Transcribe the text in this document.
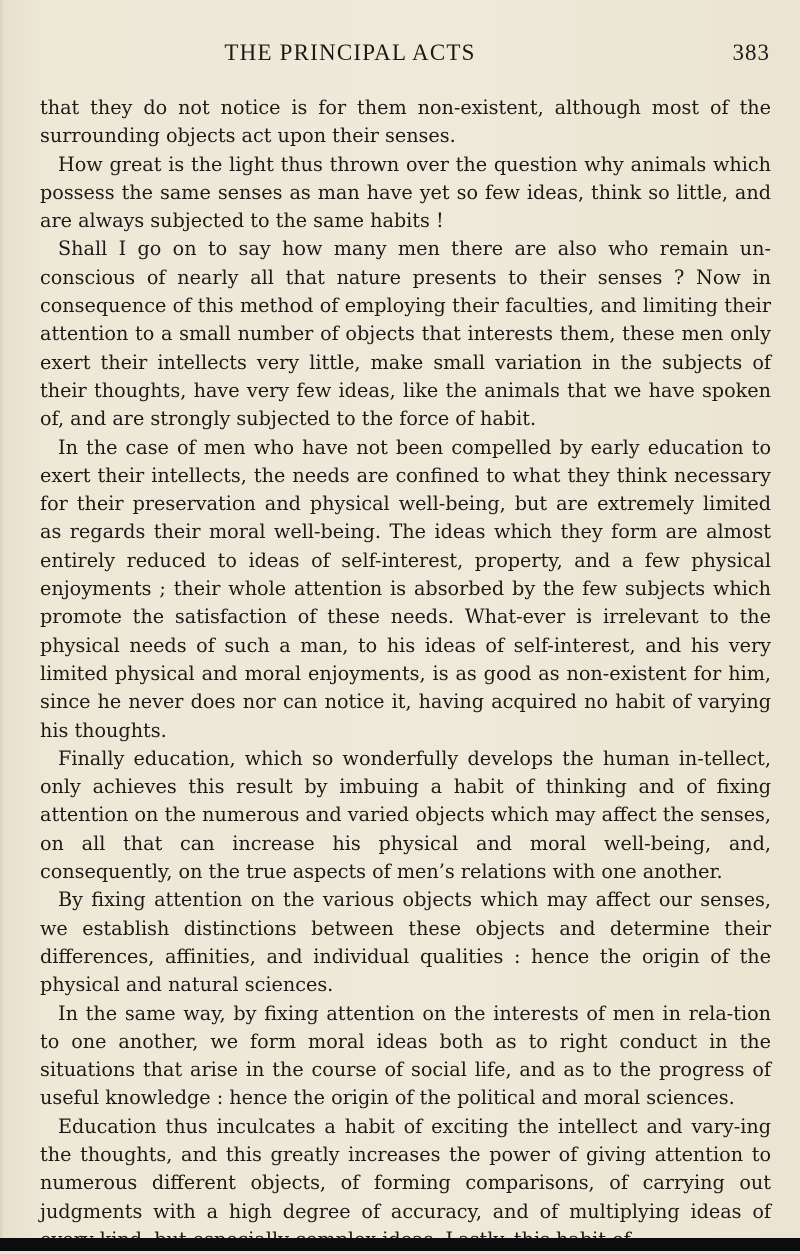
THE PRINCIPAL ACTS	383

that they do not notice is for them non-existent, although most of the surrounding objects act upon their senses.

How great is the light thus thrown over the question why animals which possess the same senses as man have yet so few ideas, think so little, and are always subjected to the same habits !

Shall I go on to say how many men there are also who remain un-conscious of nearly all that nature presents to their senses ? Now in consequence of this method of employing their faculties, and limiting their attention to a small number of objects that interests them, these men only exert their intellects very little, make small variation in the subjects of their thoughts, have very few ideas, like the animals that we have spoken of, and are strongly subjected to the force of habit.

In the case of men who have not been compelled by early education to exert their intellects, the needs are confined to what they think necessary for their preservation and physical well-being, but are extremely limited as regards their moral well-being. The ideas which they form are almost entirely reduced to ideas of self-interest, property, and a few physical enjoyments ; their whole attention is absorbed by the few subjects which promote the satisfaction of these needs. What-ever is irrelevant to the physical needs of such a man, to his ideas of self-interest, and his very limited physical and moral enjoyments, is as good as non-existent for him, since he never does nor can notice it, having acquired no habit of varying his thoughts.

Finally education, which so wonderfully develops the human in-tellect, only achieves this result by imbuing a habit of thinking and of fixing attention on the numerous and varied objects which may affect the senses, on all that can increase his physical and moral well-being, and, consequently, on the true aspects of men’s relations with one another.

By fixing attention on the various objects which may affect our senses, we establish distinctions between these objects and determine their differences, affinities, and individual qualities : hence the origin of the physical and natural sciences.

In the same way, by fixing attention on the interests of men in rela-tion to one another, we form moral ideas both as to right conduct in the situations that arise in the course of social life, and as to the progress of useful knowledge : hence the origin of the political and moral sciences.

Education thus inculcates a habit of exciting the intellect and vary-ing the thoughts, and this greatly increases the power of giving attention to numerous different objects, of forming comparisons, of carrying out judgments with a high degree of accuracy, and of multiplying ideas of
